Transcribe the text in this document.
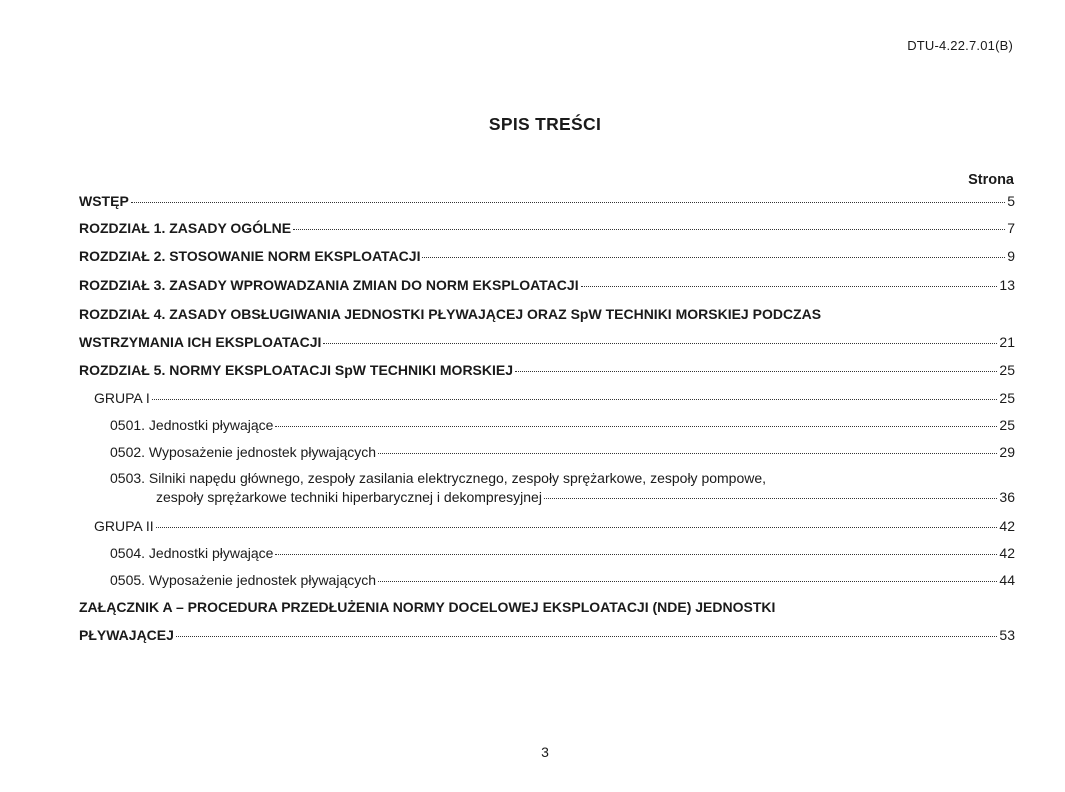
DTU-4.22.7.01(B)
SPIS TREŚCI
Strona
WSTĘP	5
ROZDZIAŁ 1. ZASADY OGÓLNE	7
ROZDZIAŁ 2. STOSOWANIE NORM EKSPLOATACJI	9
ROZDZIAŁ 3. ZASADY WPROWADZANIA ZMIAN DO NORM EKSPLOATACJI	13
ROZDZIAŁ 4. ZASADY OBSŁUGIWANIA JEDNOSTKI PŁYWAJĄCEJ ORAZ SpW TECHNIKI MORSKIEJ PODCZAS
WSTRZYMANIA ICH EKSPLOATACJI	21
ROZDZIAŁ 5. NORMY EKSPLOATACJI SpW TECHNIKI MORSKIEJ	25
GRUPA I	25
0501. Jednostki pływające	25
0502. Wyposażenie jednostek pływających	29
0503. Silniki napędu głównego, zespoły zasilania elektrycznego, zespoły sprężarkowe, zespoły pompowe,
zespoły sprężarkowe techniki hiperbarycznej i dekompresyjnej	36
GRUPA II	42
0504. Jednostki pływające	42
0505. Wyposażenie jednostek pływających	44
ZAŁĄCZNIK A – PROCEDURA PRZEDŁUŻENIA NORMY DOCELOWEJ EKSPLOATACJI (NDE) JEDNOSTKI
PŁYWAJĄCEJ	53
3
